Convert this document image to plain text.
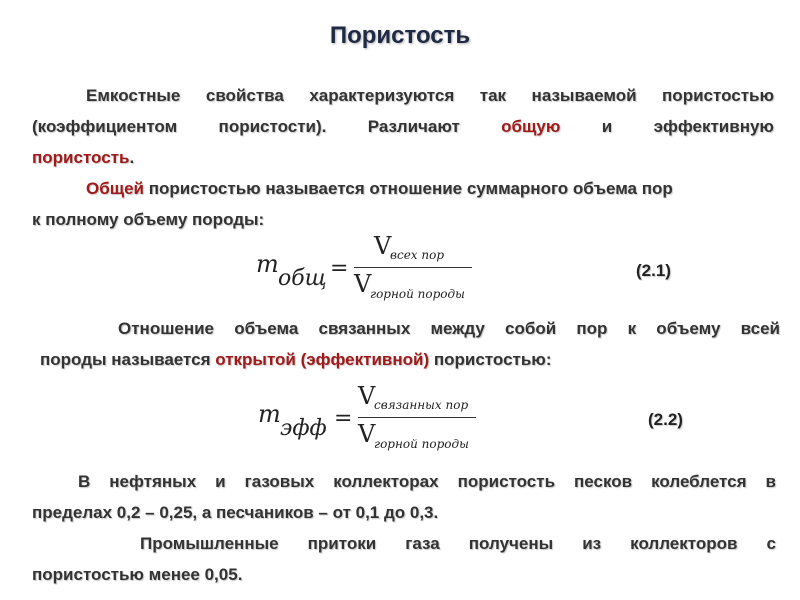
Пористость
Емкостные свойства характеризуются так называемой пористостью
(коэффициентом пористости). Различают общую и эффективную
пористость.
Общей пористостью называется отношение суммарного объема пор
к полному объему породы:
m
общ =
V
всех пор
V
горной породы
(2.1)
Отношение объема связанных между собой пор к объему всей
породы называется открытой (эффективной) пористостью:
m
эфф =
V
связанных пор
V
горной породы
(2.2)
В нефтяных и газовых коллекторах пористость песков колеблется в
пределах 0,2 – 0,25, а песчаников – от 0,1 до 0,3.
Промышленные притоки газа получены из коллекторов с
пористостью менее 0,05.
